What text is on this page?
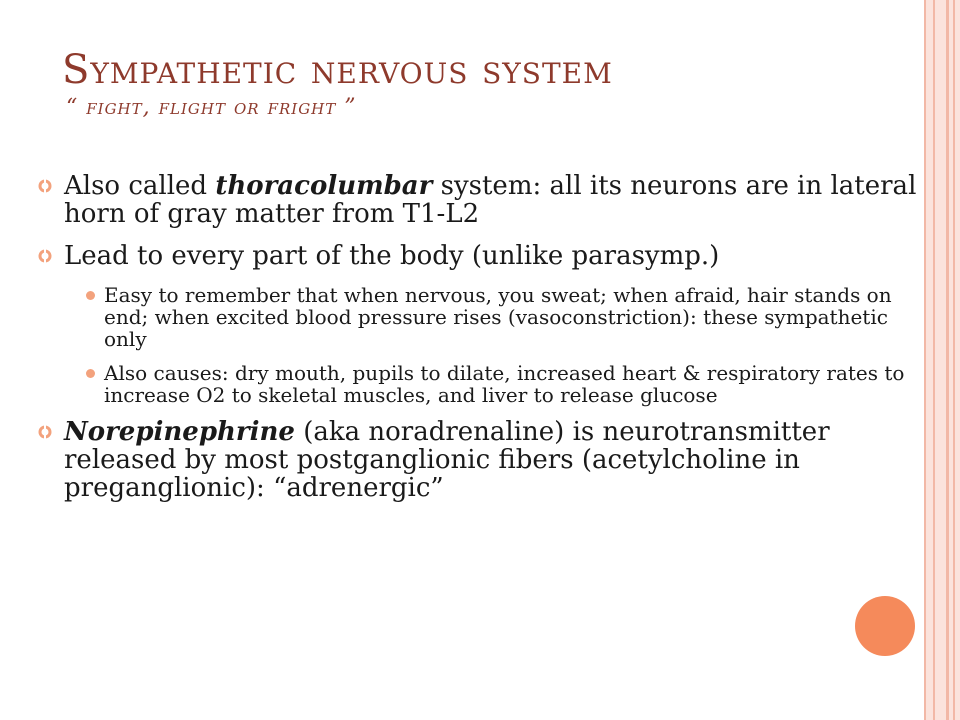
Sympathetic nervous system
“ fight, flight or fright ”
Also called thoracolumbar system: all its neurons are in lateral horn of gray matter from T1-L2
Lead to every part of the body (unlike parasymp.)
Easy to remember that when nervous, you sweat; when afraid, hair stands on end; when excited blood pressure rises (vasoconstriction): these sympathetic only
Also causes: dry mouth, pupils to dilate, increased heart & respiratory rates to increase O2 to skeletal muscles, and liver to release glucose
Norepinephrine (aka noradrenaline) is neurotransmitter released by most postganglionic fibers (acetylcholine in preganglionic): “adrenergic”
